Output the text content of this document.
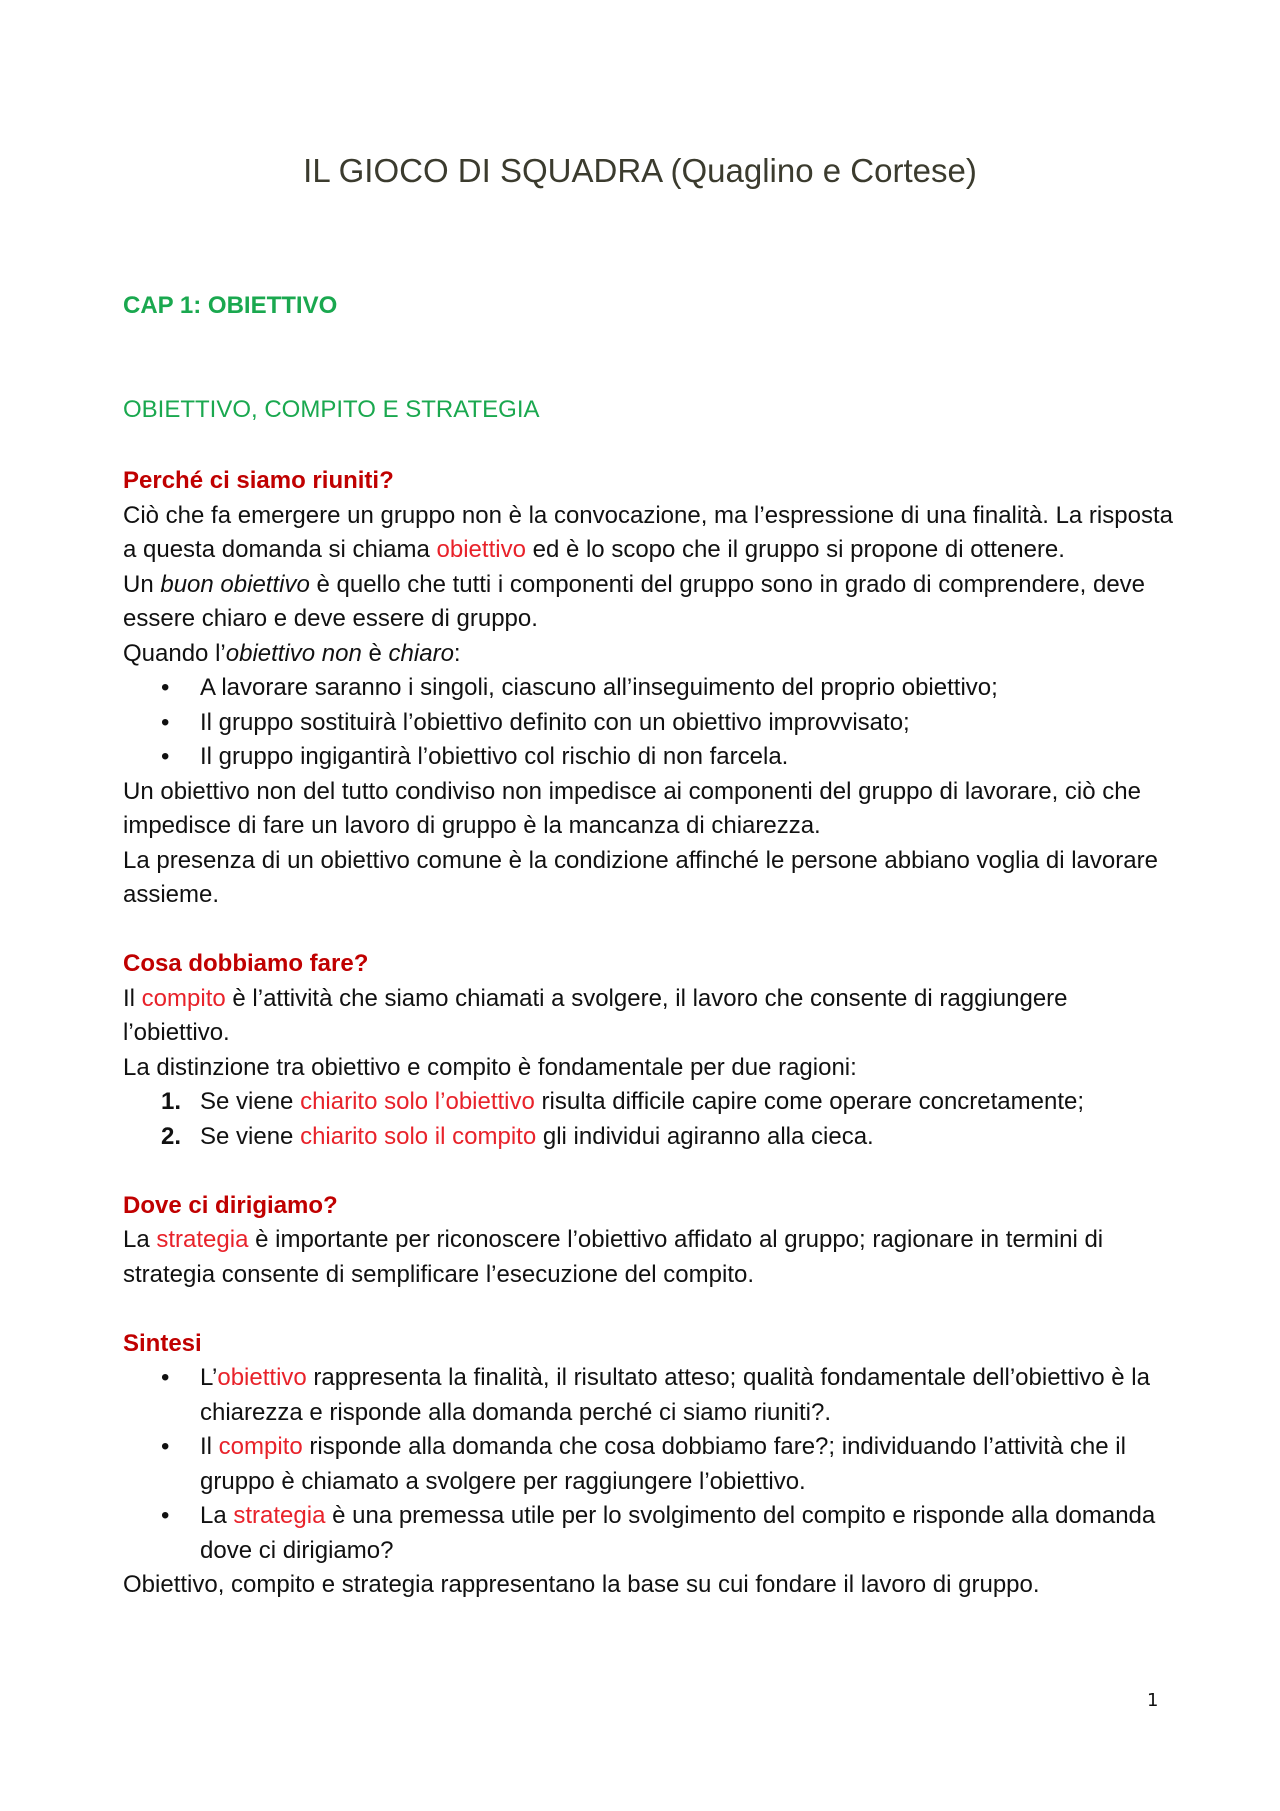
IL GIOCO DI SQUADRA (Quaglino e Cortese)
CAP 1: OBIETTIVO
OBIETTIVO, COMPITO E STRATEGIA
Perché ci siamo riuniti?

Ciò che fa emergere un gruppo non è la convocazione, ma l’espressione di una finalità. La risposta a questa domanda si chiama obiettivo ed è lo scopo che il gruppo si propone di ottenere.

Un buon obiettivo è quello che tutti i componenti del gruppo sono in grado di comprendere, deve essere chiaro e deve essere di gruppo.

Quando l’obiettivo non è chiaro:

• A lavorare saranno i singoli, ciascuno all’inseguimento del proprio obiettivo;
• Il gruppo sostituirà l’obiettivo definito con un obiettivo improvvisato;
• Il gruppo ingigantirà l’obiettivo col rischio di non farcela.

Un obiettivo non del tutto condiviso non impedisce ai componenti del gruppo di lavorare, ciò che impedisce di fare un lavoro di gruppo è la mancanza di chiarezza.

La presenza di un obiettivo comune è la condizione affinché le persone abbiano voglia di lavorare assieme.

Cosa dobbiamo fare?

Il compito è l’attività che siamo chiamati a svolgere, il lavoro che consente di raggiungere l’obiettivo.

La distinzione tra obiettivo e compito è fondamentale per due ragioni:

1. Se viene chiarito solo l’obiettivo risulta difficile capire come operare concretamente;
2. Se viene chiarito solo il compito gli individui agiranno alla cieca.
Dove ci dirigiamo?

La strategia è importante per riconoscere l’obiettivo affidato al gruppo; ragionare in termini di strategia consente di semplificare l’esecuzione del compito.

Sintesi
• L’obiettivo rappresenta la finalità, il risultato atteso; qualità fondamentale dell’obiettivo è la chiarezza e risponde alla domanda perché ci siamo riuniti?.
• Il compito risponde alla domanda che cosa dobbiamo fare?; individuando l’attività che il gruppo è chiamato a svolgere per raggiungere l’obiettivo.
• La strategia è una premessa utile per lo svolgimento del compito e risponde alla domanda dove ci dirigiamo?

Obiettivo, compito e strategia rappresentano la base su cui fondare il lavoro di gruppo.

1
